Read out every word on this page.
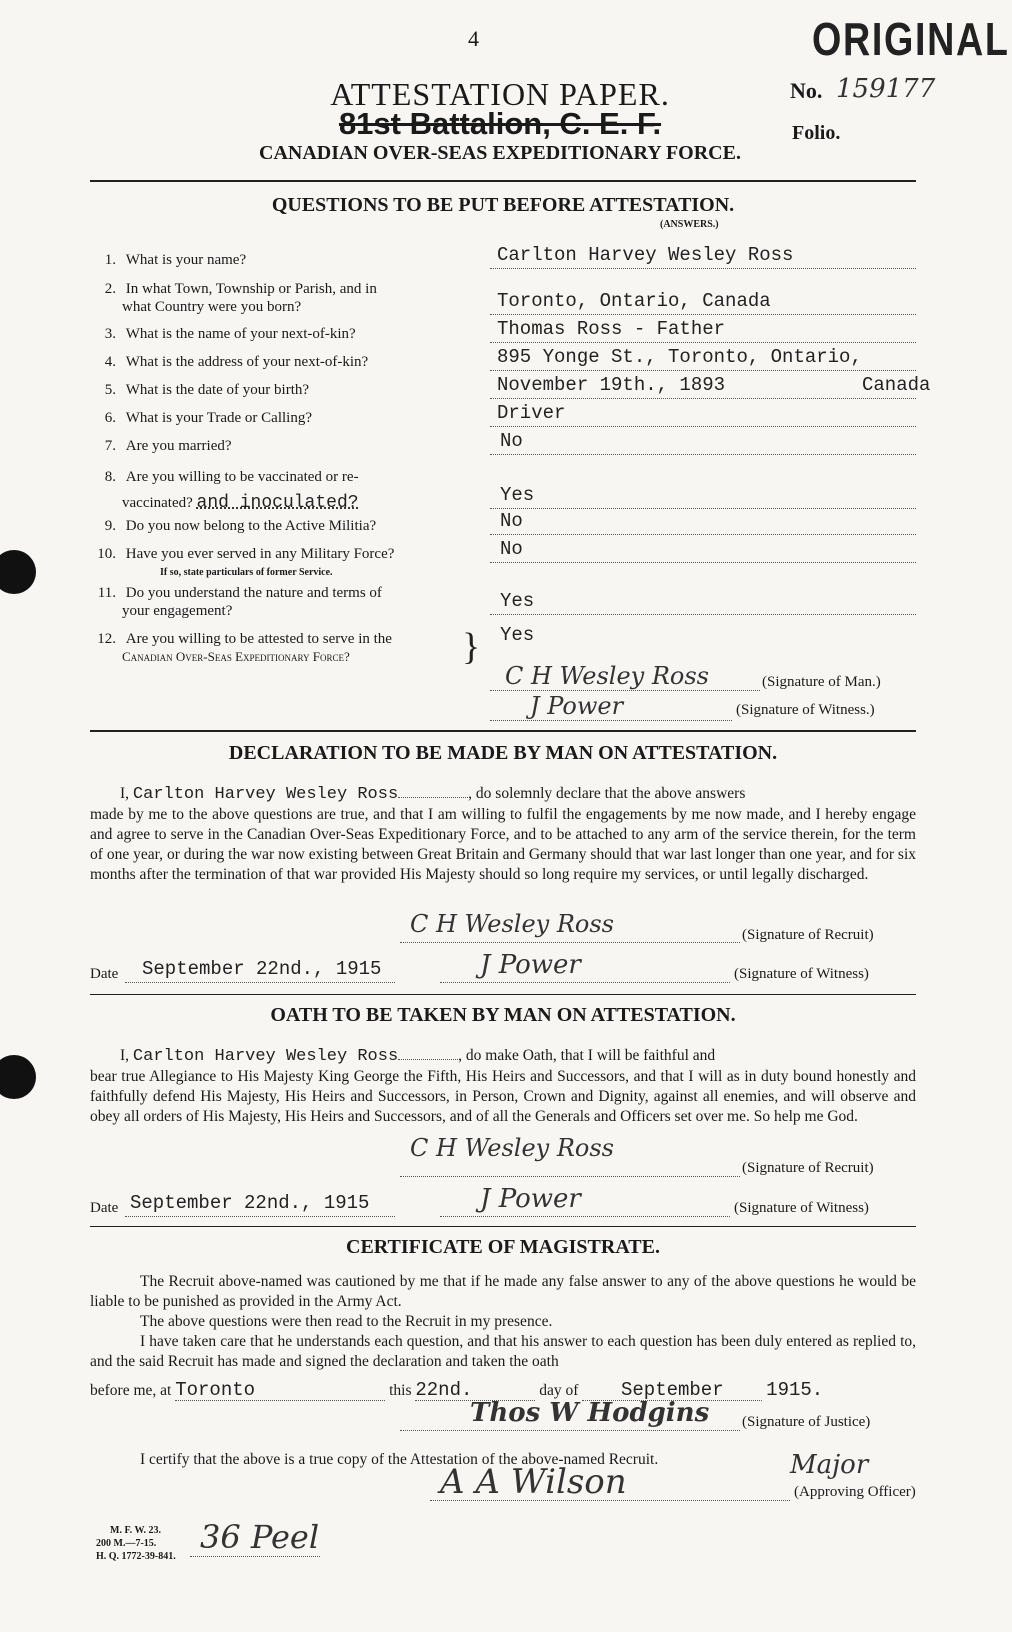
4	ORIGINAL
No. 159177
Folio.
ATTESTATION PAPER.
81st Battalion, C. E. F.
CANADIAN OVER-SEAS EXPEDITIONARY FORCE.
QUESTIONS TO BE PUT BEFORE ATTESTATION.
(ANSWERS.)
1. What is your name?	Carlton Harvey Wesley Ross
2. In what Town, Township or Parish, and in
what Country were you born?	Toronto, Ontario, Canada
3. What is the name of your next-of-kin?	Thomas Ross - Father
4. What is the address of your next-of-kin?	895 Yonge St., Toronto, Ontario,
5. What is the date of your birth?	November 19th., 1893	Canada
6. What is your Trade or Calling?	Driver
7. Are you married?	No
8. Are you willing to be vaccinated or re-
vaccinated? and inoculated?	Yes
9. Do you now belong to the Active Militia?	No
10. Have you ever served in any Military Force?
If so, state particulars of former Service.
No
11. Do you understand the nature and terms of
your engagement?	Yes
12. Are you willing to be attested to serve in the
Canadian Over-Seas Expeditionary Force?	} Yes
C H Wesley Ross	(Signature of Man.)
J Power	(Signature of Witness.)
DECLARATION TO BE MADE BY MAN ON ATTESTATION.
I, Carlton Harvey Wesley Ross	, do solemnly declare that the above answers
made by me to the above questions are true, and that I am willing to fulfil the engagements by me now made, and I hereby engage and agree to serve in the Canadian Over-Seas Expeditionary Force, and to be attached to any arm of the service therein, for the term of one year, or during the war now existing between Great Britain and Germany should that war last longer than one year, and for six months after the termination of that war provided His Majesty should so long require my services, or until legally discharged.
C H Wesley Ross	(Signature of Recruit)
Date September 22nd., 1915	J Power	(Signature of Witness)
OATH TO BE TAKEN BY MAN ON ATTESTATION.
I, Carlton Harvey Wesley Ross	, do make Oath, that I will be faithful and
bear true Allegiance to His Majesty King George the Fifth, His Heirs and Successors, and that I will as in duty bound honestly and faithfully defend His Majesty, His Heirs and Successors, in Person, Crown and Dignity, against all enemies, and will observe and obey all orders of His Majesty, His Heirs and Successors, and of all the Generals and Officers set over me. So help me God.
C H Wesley Ross
(Signature of Recruit)
Date September 22nd., 1915	J Power	(Signature of Witness)
CERTIFICATE OF MAGISTRATE.
The Recruit above-named was cautioned by me that if he made any false answer to any of the above questions he would be liable to be punished as provided in the Army Act.
The above questions were then read to the Recruit in my presence.
I have taken care that he understands each question, and that his answer to each question has been duly entered as replied to, and the said Recruit has made and signed the declaration and taken the oath
before me, at Toronto	this 22nd.	day of September 1915.
Thos W Hodgins (Signature of Justice)
I certify that the above is a true copy of the Attestation of the above-named Recruit.
A A Wilson	Major
(Approving Officer)
M. F. W. 23.
200 M.—7-15.
H. Q. 1772-39-841.
36 Peel
